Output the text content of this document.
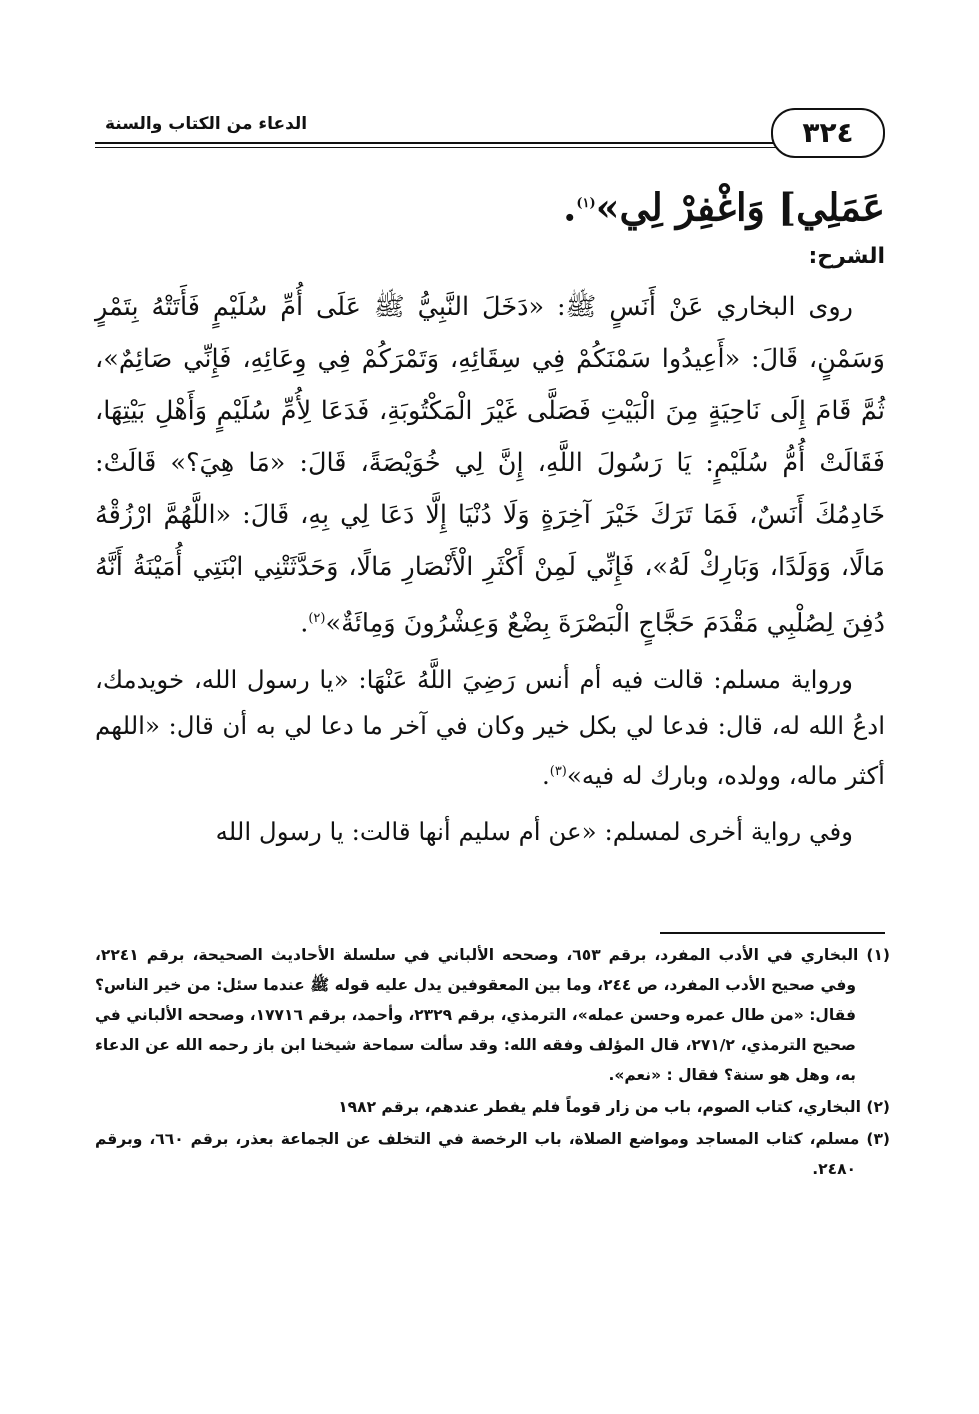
الدعاء من الكتاب والسنة	٣٢٤

عَمَلِي] وَاغْفِرْ لِي»$^{(١)}$.

الشرح:

روى البخاري عَنْ أَنَسٍ ﷺ: «دَخَلَ النَّبِيُّ ﷺ عَلَى أُمِّ سُلَيْمٍ فَأَتَتْهُ بِتَمْرٍ وَسَمْنٍ، قَالَ: «أَعِيدُوا سَمْنَكُمْ فِي سِقَائِهِ، وَتَمْرَكُمْ فِي وِعَائِهِ، فَإِنِّي صَائِمٌ»، ثُمَّ قَامَ إِلَى نَاحِيَةٍ مِنَ الْبَيْتِ فَصَلَّى غَيْرَ الْمَكْتُوبَةِ، فَدَعَا لِأُمِّ سُلَيْمٍ وَأَهْلِ بَيْتِهَا، فَقَالَتْ أُمُّ سُلَيْمٍ: يَا رَسُولَ اللَّهِ، إِنَّ لِي خُوَيْصَةً، قَالَ: «مَا هِيَ؟» قَالَتْ: خَادِمُكَ أَنَسٌ، فَمَا تَرَكَ خَيْرَ آخِرَةٍ وَلَا دُنْيَا إِلَّا دَعَا لِي بِهِ، قَالَ: «اللَّهُمَّ ارْزُقْهُ مَالًا، وَوَلَدًا، وَبَارِكْ لَهُ»، فَإِنِّي لَمِنْ أَكْثَرِ الْأَنْصَارِ مَالًا، وَحَدَّثَتْنِي ابْنَتِي أُمَيْنَةُ أَنَّهُ دُفِنَ لِصُلْبِي مَقْدَمَ حَجَّاجٍ الْبَصْرَةَ بِضْعٌ وَعِشْرُونَ وَمِائَةٌ»$^{(٢)}$.

ورواية مسلم: قالت فيه أم أنس رَضِيَ اللَّهُ عَنْهَا: «يا رسول الله، خويدمك، ادعُ الله له، قال: فدعا لي بكل خير وكان في آخر ما دعا لي به أن قال: «اللهم أكثر ماله، وولده، وبارك له فيه»$^{(٣)}$.

وفي رواية أخرى لمسلم: «عن أم سليم أنها قالت: يا رسول الله

(١) البخاري في الأدب المفرد، برقم ٦٥٣، وصححه الألباني في سلسلة الأحاديث الصحيحة، برقم ٢٢٤١، وفي صحيح الأدب المفرد، ص ٢٤٤، وما بين المعقوفين يدل عليه قوله ﷺ عندما سئل: من خير الناس؟ فقال: «من طال عمره وحسن عمله»، الترمذي، برقم ٢٣٢٩، وأحمد، برقم ١٧٧١٦، وصححه الألباني في صحيح الترمذي، ٢٧١/٢، قال المؤلف وفقه الله: وقد سألت سماحة شيخنا ابن باز رحمه الله عن الدعاء به، وهل هو سنة؟ فقال : «نعم».

(٢) البخاري، كتاب الصوم، باب من زار قوماً فلم يفطر عندهم، برقم ١٩٨٢

(٣) مسلم، كتاب المساجد ومواضع الصلاة، باب الرخصة في التخلف عن الجماعة بعذر، برقم ٦٦٠، وبرقم ٢٤٨٠.
